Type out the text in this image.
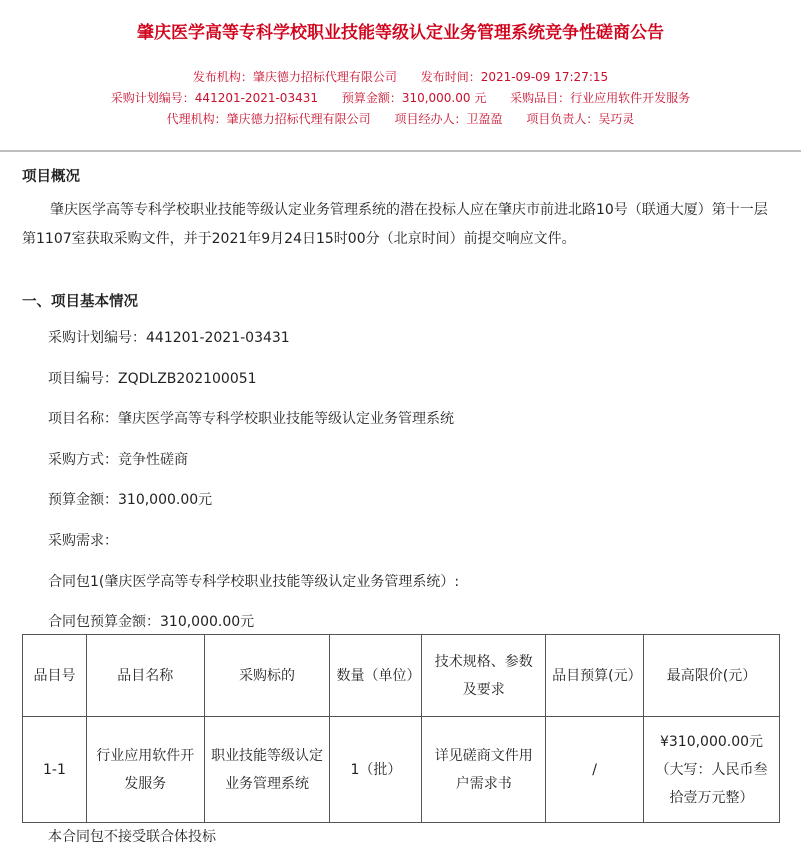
肇庆医学高等专科学校职业技能等级认定业务管理系统竞争性磋商公告
发布机构：肇庆德力招标代理有限公司 发布时间：2021-09-09 17:27:15
采购计划编号：441201-2021-03431 预算金额：310,000.00 元 采购品目：行业应用软件开发服务
代理机构：肇庆德力招标代理有限公司 项目经办人：卫盈盈 项目负责人：吴巧灵
项目概况
肇庆医学高等专科学校职业技能等级认定业务管理系统的潜在投标人应在肇庆市前进北路10号（联通大厦）第十一层第1107室获取采购文件，并于2021年9月24日15时00分（北京时间）前提交响应文件。
一、项目基本情况
采购计划编号：441201-2021-03431
项目编号：ZQDLZB202100051
项目名称：肇庆医学高等专科学校职业技能等级认定业务管理系统
采购方式：竞争性磋商
预算金额：310,000.00元
采购需求：
合同包1(肇庆医学高等专科学校职业技能等级认定业务管理系统）:
合同包预算金额：310,000.00元
品目号	品目名称	采购标的	数量（单位）	技术规格、参数及要求	品目预算(元）	最高限价(元）
1-1	行业应用软件开发服务	职业技能等级认定业务管理系统	1（批）	详见磋商文件用户需求书	/	¥310,000.00元（大写：人民币叁拾壹万元整）
本合同包不接受联合体投标
